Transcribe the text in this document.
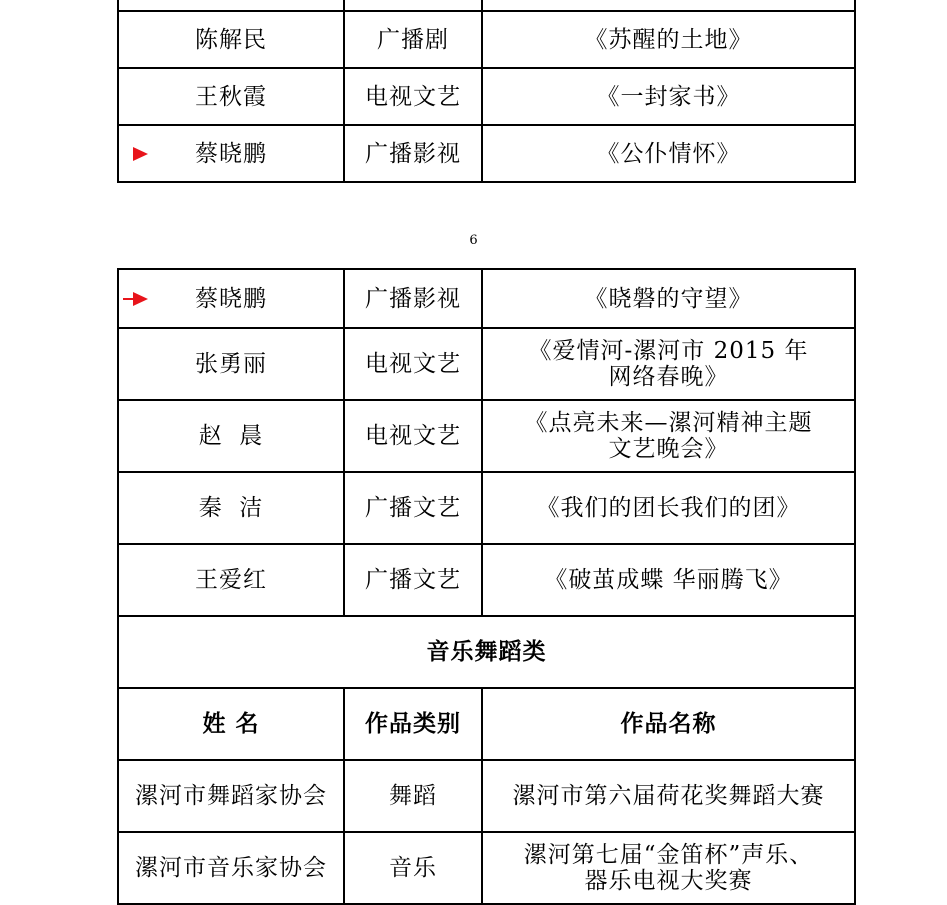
陈解民	广播剧	《苏醒的土地》
王秋霞	电视文艺	《一封家书》

蔡晓鹏	广播影视	《公仆情怀》
6
蔡晓鹏	广播影视	《晓磐的守望》
张勇丽	电视文艺	《爱情河-漯河市 2015 年
网络春晚》

赵  晨	电视文艺	《点亮未来—漯河精神主题
文艺晚会》

秦  洁	广播文艺	《我们的团长我们的团》
王爱红	广播文艺	《破茧成蝶 华丽腾飞》
音乐舞蹈类		
姓 名	作品类别	作品名称
漯河市舞蹈家协会	舞蹈	漯河市第六届荷花奖舞蹈大赛
漯河市音乐家协会	音乐	漯河第七届“金笛杯”声乐、
器乐电视大奖赛
